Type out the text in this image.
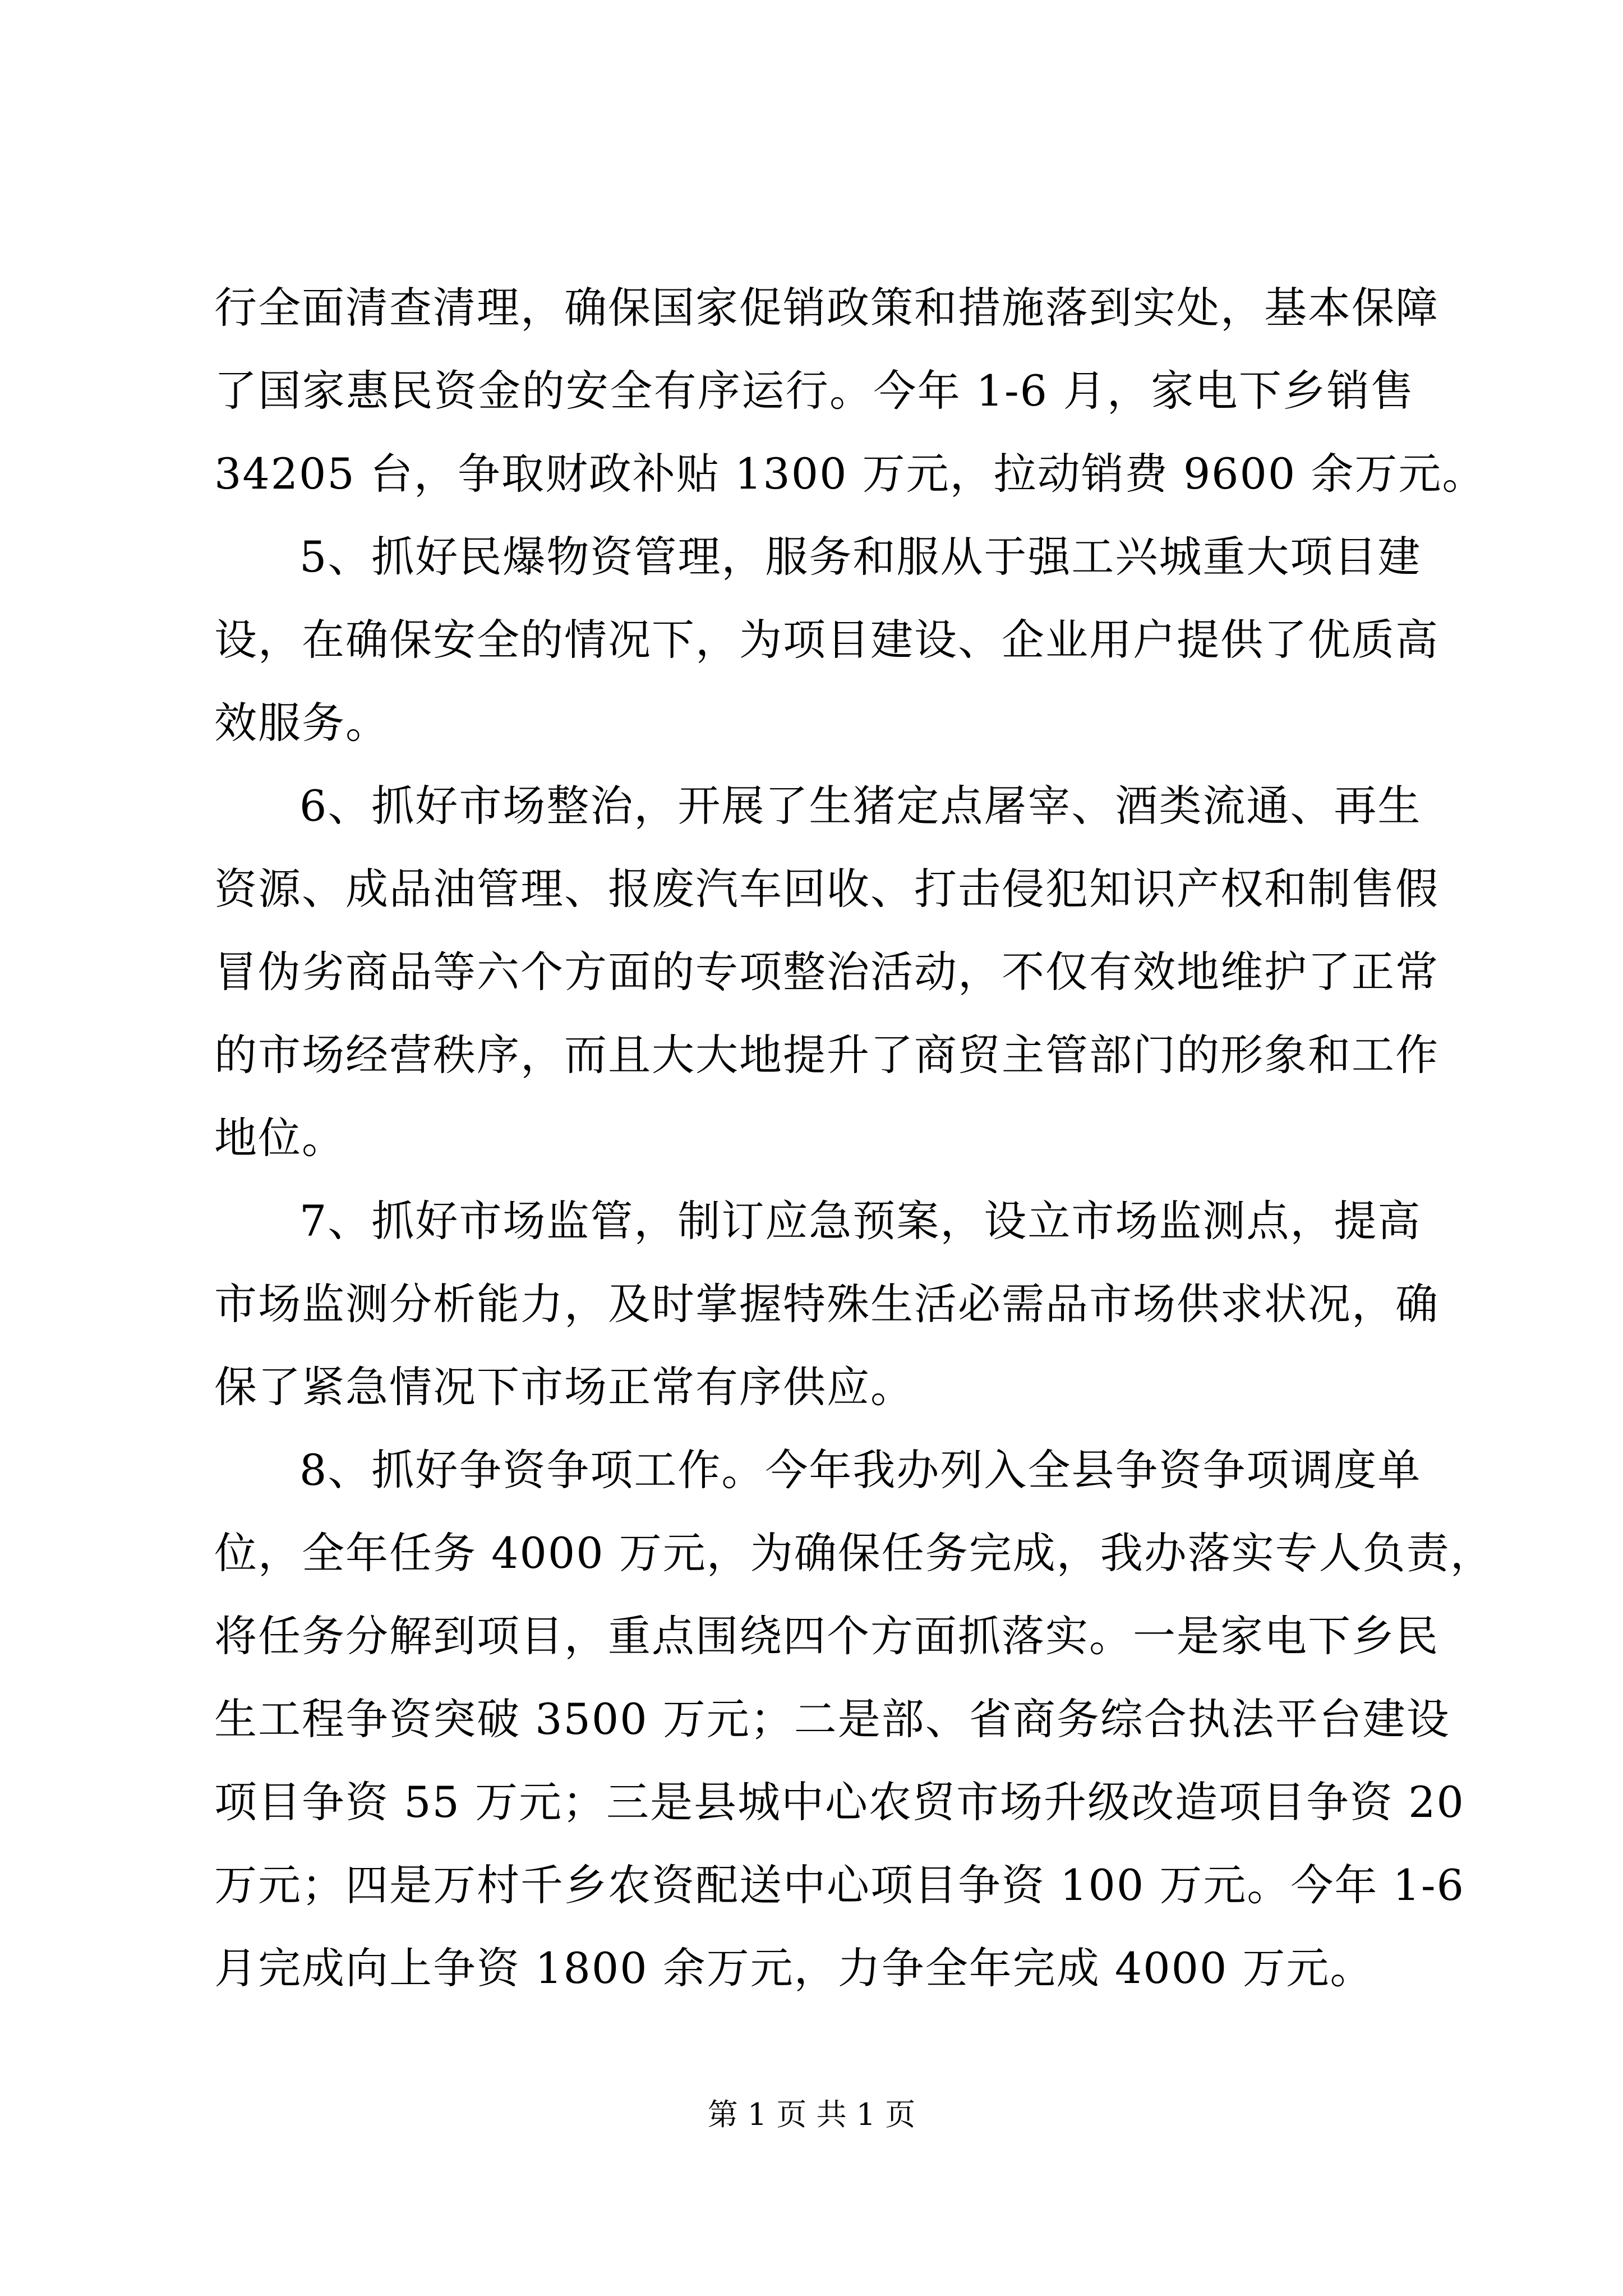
行全面清查清理，确保国家促销政策和措施落到实处，基本保障
了国家惠民资金的安全有序运行。今年 1-6 月，家电下乡销售
34205 台，争取财政补贴 1300 万元，拉动销费 9600 余万元。
5、抓好民爆物资管理，服务和服从于强工兴城重大项目建
设，在确保安全的情况下，为项目建设、企业用户提供了优质高
效服务。
6、抓好市场整治，开展了生猪定点屠宰、酒类流通、再生
资源、成品油管理、报废汽车回收、打击侵犯知识产权和制售假
冒伪劣商品等六个方面的专项整治活动，不仅有效地维护了正常
的市场经营秩序，而且大大地提升了商贸主管部门的形象和工作
地位。
7、抓好市场监管，制订应急预案，设立市场监测点，提高
市场监测分析能力，及时掌握特殊生活必需品市场供求状况，确
保了紧急情况下市场正常有序供应。
8、抓好争资争项工作。今年我办列入全县争资争项调度单
位，全年任务 4000 万元，为确保任务完成，我办落实专人负责，
将任务分解到项目，重点围绕四个方面抓落实。一是家电下乡民
生工程争资突破 3500 万元；二是部、省商务综合执法平台建设
项目争资 55 万元；三是县城中心农贸市场升级改造项目争资 20
万元；四是万村千乡农资配送中心项目争资 100 万元。今年 1-6
月完成向上争资 1800 余万元，力争全年完成 4000 万元。
第 1 页 共 1 页
